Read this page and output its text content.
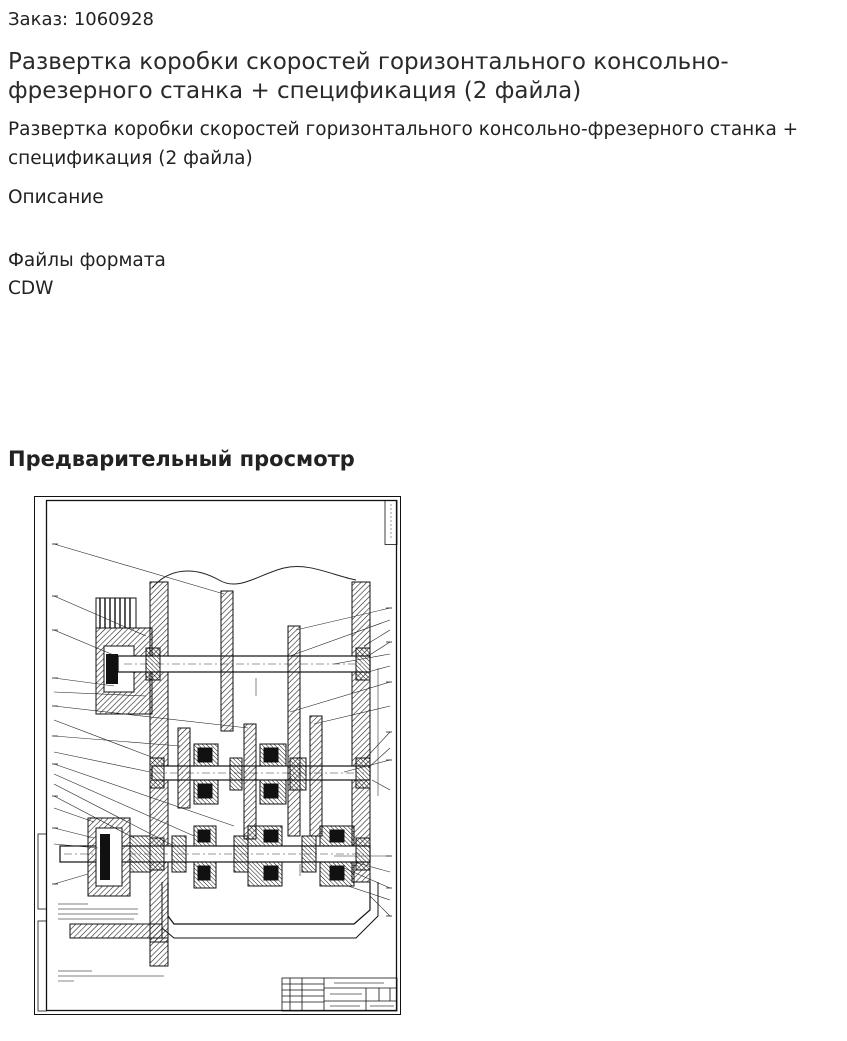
Заказ: 1060928
Развертка коробки скоростей горизонтального консольно-фрезерного станка + спецификация (2 файла)
Развертка коробки скоростей горизонтального консольно-фрезерного станка + спецификация (2 файла)
Описание
Файлы формата
CDW
Предварительный просмотр
